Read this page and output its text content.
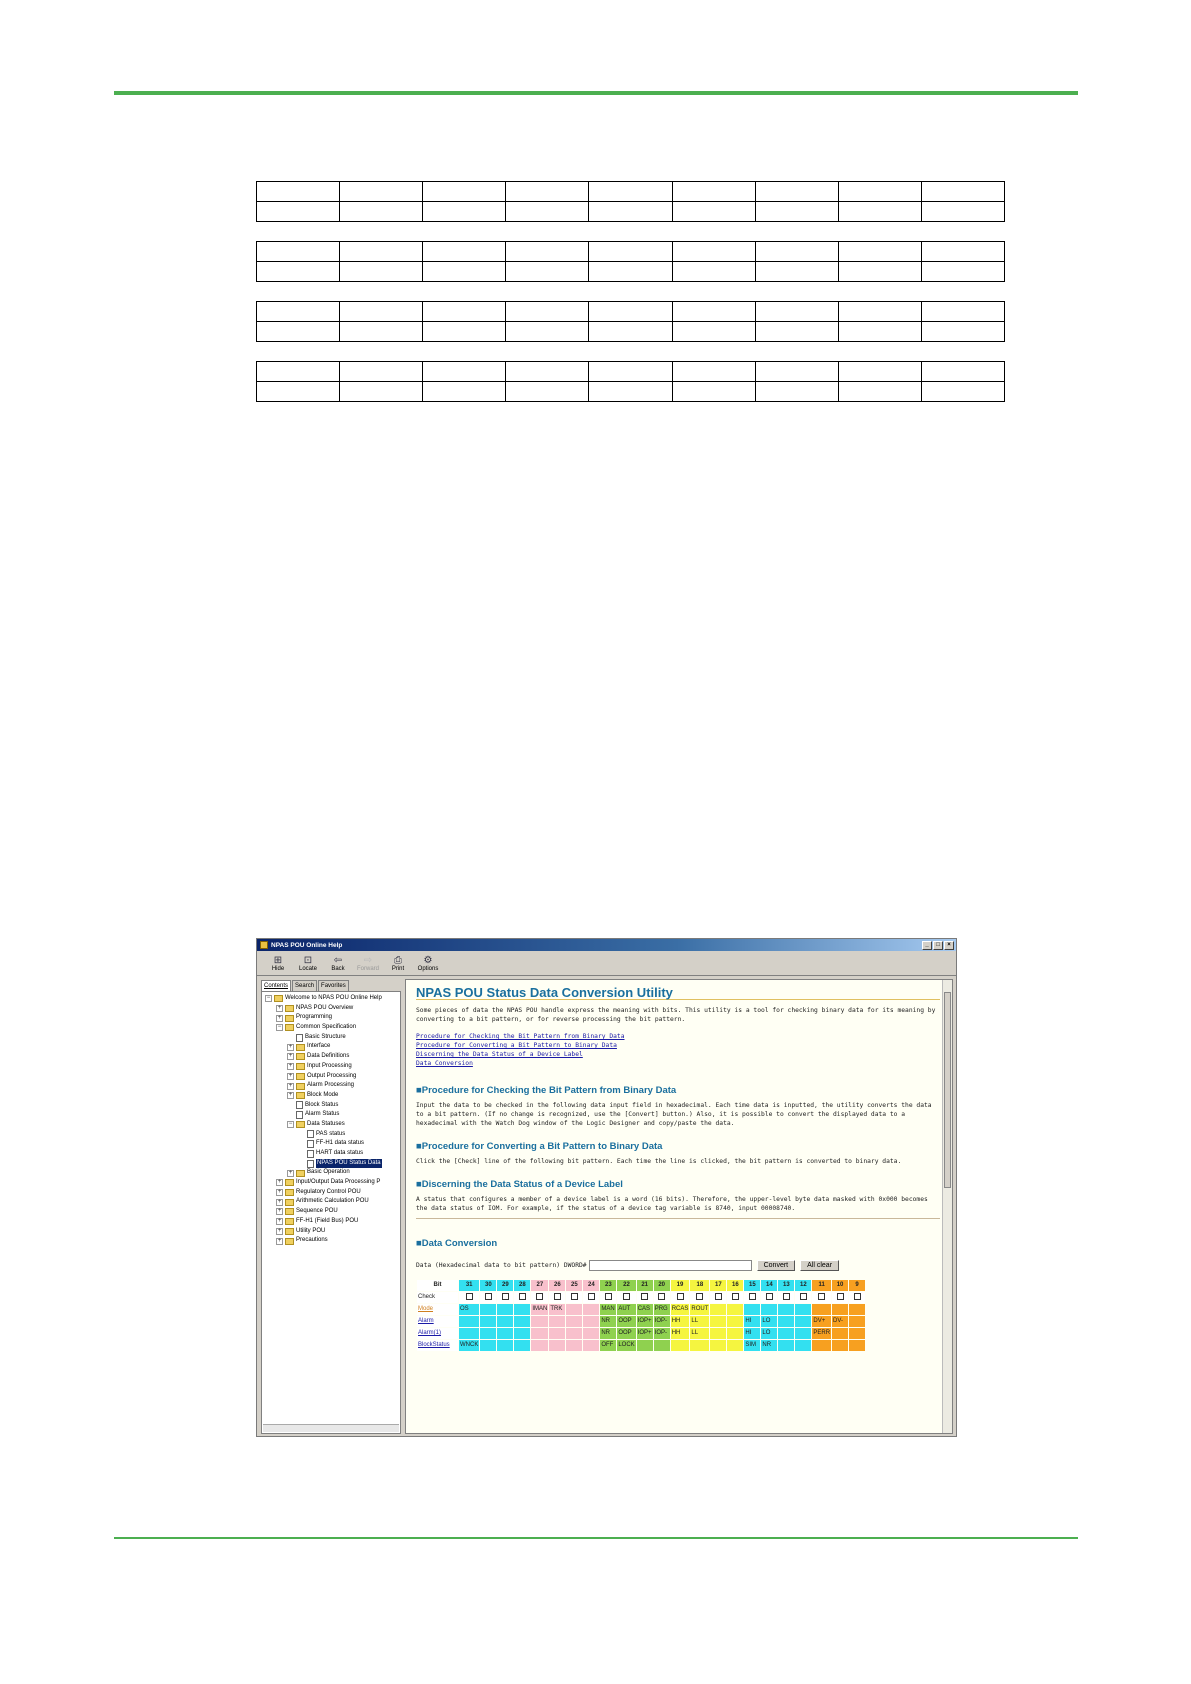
NPAS POU Online Help	_	□	×
⊞
Hide
⊡
Locate
⇦
Back
⇨
Forward
⎙
Print
⚙
Options
Contents	Search	Favorites
− Welcome to NPAS POU Online Help
+ NPAS POU Overview
+ Programming
− Common Specification
Basic Structure
+ Interface
+ Data Definitions
+ Input Processing
+ Output Processing
+ Alarm Processing
+ Block Mode
Block Status
Alarm Status
− Data Statuses
PAS status
FF-H1 data status
HART data status
NPAS POU Status Data
+ Basic Operation
+ Input/Output Data Processing P
+ Regulatory Control POU
+ Arithmetic Calculation POU
+ Sequence POU
+ FF-H1 (Field Bus) POU
+ Utility POU
+ Precautions
NPAS POU Status Data Conversion Utility
Some pieces of data the NPAS POU handle express the meaning with bits. This utility is a tool for checking binary data for its meaning by converting to a bit pattern, or for reverse processing the bit pattern.
Procedure for Checking the Bit Pattern from Binary Data
Procedure for Converting a Bit Pattern to Binary Data
Discerning the Data Status of a Device Label
Data Conversion
■Procedure for Checking the Bit Pattern from Binary Data
Input the data to be checked in the following data input field in hexadecimal. Each time data is inputted, the utility converts the data to a bit pattern. (If no change is recognized, use the [Convert] button.) Also, it is possible to convert the displayed data to a hexadecimal with the Watch Dog window of the Logic Designer and copy/paste the data.
■Procedure for Converting a Bit Pattern to Binary Data
Click the [Check] line of the following bit pattern. Each time the line is clicked, the bit pattern is converted to binary data.
■Discerning the Data Status of a Device Label
A status that configures a member of a device label is a word (16 bits). Therefore, the upper-level byte data masked with 0x000 becomes the data status of IOM. For example, if the status of a device tag variable is 8740, input 00008740.
■Data Conversion
Data (Hexadecimal data to bit pattern) DWORD#	Convert	All clear
Bit	31	30	29	28	27	26	25	24	23	22	21	20	19	18	17	16	15	14	13	12	11	10	9
Check																							
Mode	OS				IMAN	TRK			MAN	AUT	CAS	PRG	RCAS	ROUT									
Alarm									NR	OOP	IOP+	IOP-	HH	LL			HI	LO			DV+	DV-	
Alarm(1)									NR	OOP	IOP+	IOP-	HH	LL			HI	LO			PERR		
BlockStatus	WNCK								OFF	LOCK							SIM	NR					
